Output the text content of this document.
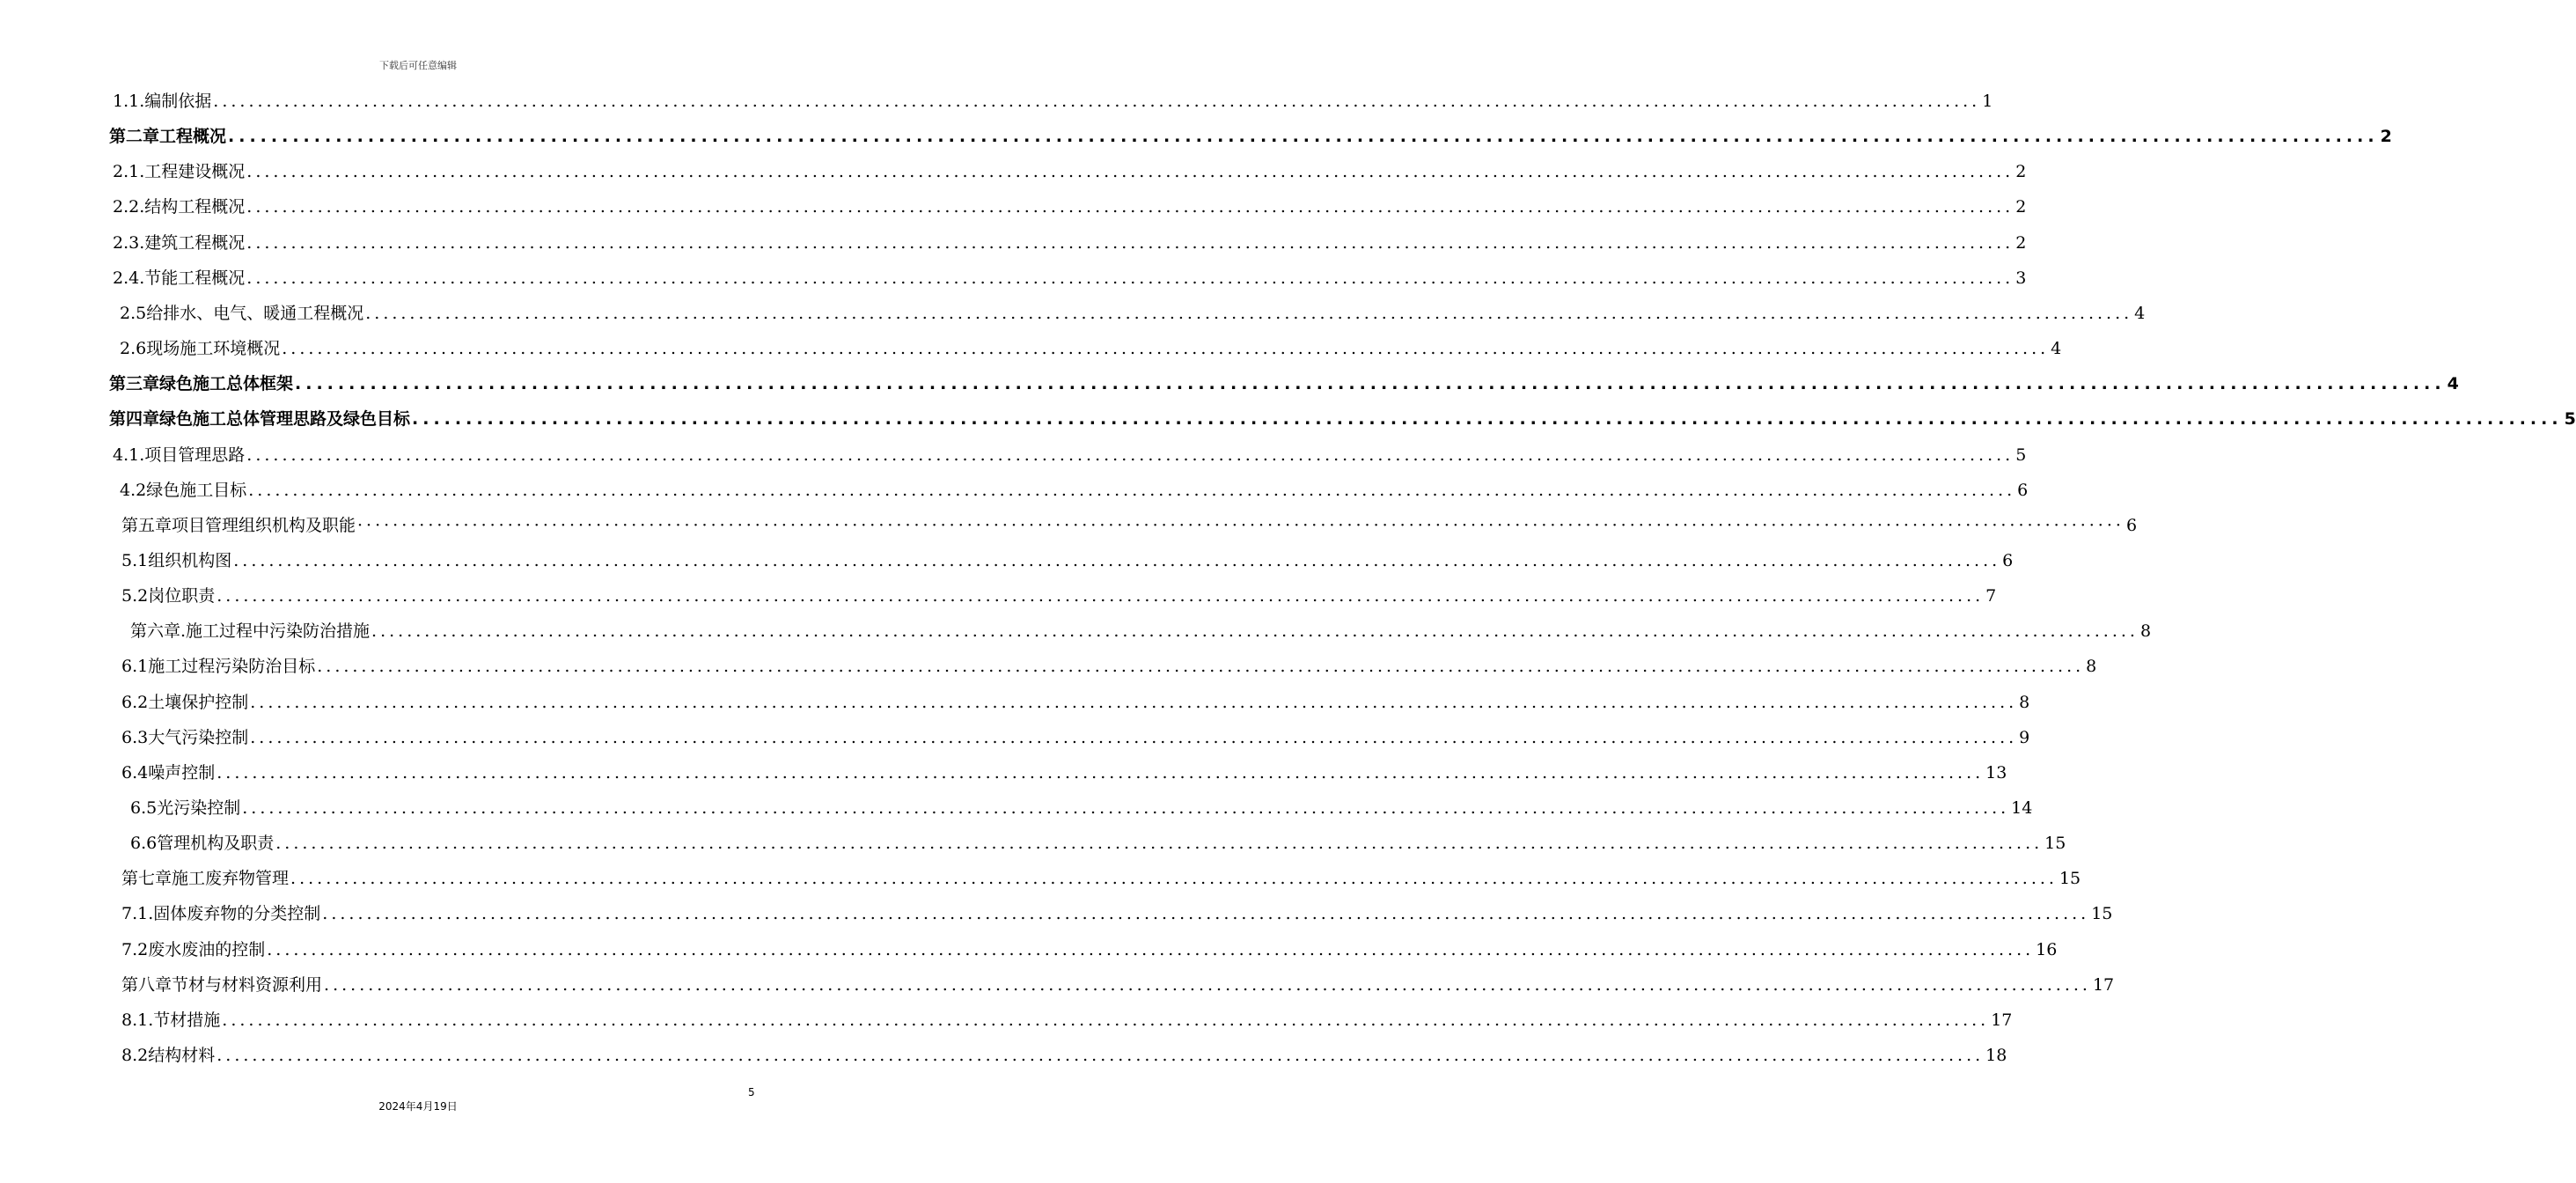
下载后可任意编辑
1.1. 编制依据 ........................................................................................................................................................................................................ 1
第二章 工程概况 ........................................................................................................................................................................................................ 2
2.1. 工程建设概况 ........................................................................................................................................................................................................ 2
2.2. 结构工程概况 ........................................................................................................................................................................................................ 2
2.3. 建筑工程概况 ........................................................................................................................................................................................................ 2
2.4. 节能工程概况 ........................................................................................................................................................................................................ 3
2.5 给排水、电气、暖通工程概况 ........................................................................................................................................................................................................ 4
2.6 现场施工环境概况 ........................................................................................................................................................................................................ 4
第三章 绿色施工总体框架 ........................................................................................................................................................................................................ 4
第四章 绿色施工总体管理思路及绿色目标 ........................................................................................................................................................................................................ 5
4.1. 项目管理思路 ........................................................................................................................................................................................................ 5
4.2 绿色施工目标 ........................................................................................................................................................................................................ 6
第五章项目管理组织机构及职能 ········································································································································································································ 6
5.1 组织机构图 ........................................................................................................................................................................................................ 6
5.2 岗位职责 ........................................................................................................................................................................................................ 7
第六章.施工过程中污染防治措施 ........................................................................................................................................................................................................ 8
6.1 施工过程污染防治目标 ........................................................................................................................................................................................................ 8
6.2 土壤保护控制 ........................................................................................................................................................................................................ 8
6.3 大气污染控制 ........................................................................................................................................................................................................ 9
6.4 噪声控制 ........................................................................................................................................................................................................ 13
6.5 光污染控制 ........................................................................................................................................................................................................ 14
6.6 管理机构及职责 ........................................................................................................................................................................................................ 15
第七章 施工废弃物管理 ........................................................................................................................................................................................................ 15
7.1. 固体废弃物的分类控制 ........................................................................................................................................................................................................ 15
7.2 废水废油的控制 ........................................................................................................................................................................................................ 16
第八章 节材与材料资源利用 ........................................................................................................................................................................................................ 17
8.1. 节材措施 ........................................................................................................................................................................................................ 17
8.2 结构材料 ........................................................................................................................................................................................................ 18
5
2024年4月19日
